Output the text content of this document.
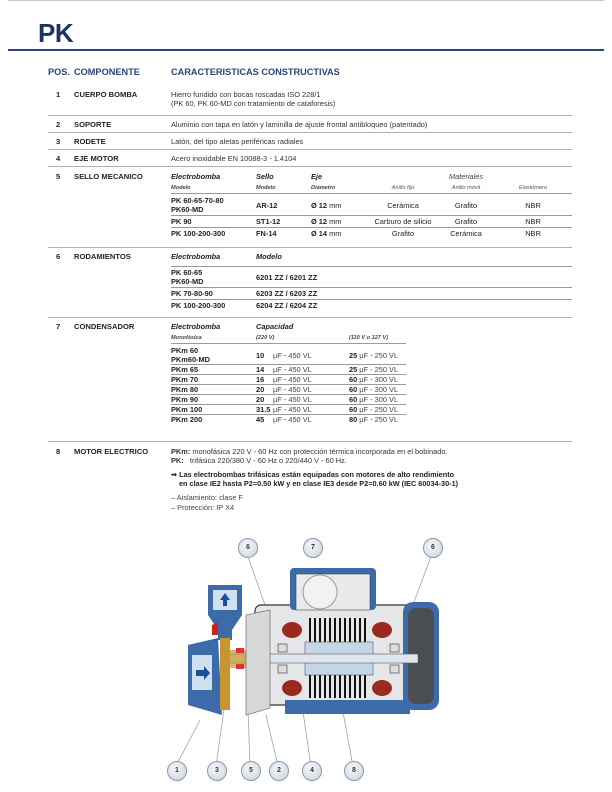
PK
POS. COMPONENTE	CARACTERISTICAS CONSTRUCTIVAS
1 CUERPO BOMBA	Hierro fundido con bocas roscadas ISO 228/1
(PK 60, PK 60-MD con tratamiento de cataforesis)
2 SOPORTE	Aluminio con tapa en latón y laminilla de ajuste frontal antibloqueo (patentado)
3 RODETE	Latón, del tipo aletas periféricas radiales
4 EJE MOTOR	Acero inoxidable EN 10088-3 - 1.4104
5 SELLO MECANICO	Electrobomba	Sello	Eje	Materiales
Modelo	Modelo	Diámetro	Anillo fijo	Anillo móvil	Elastómero
PK 60-65-70-80
PK60-MD	AR-12	Ø 12 mm	Cerámica	Grafito	NBR
PK 90	ST1-12	Ø 12 mm	Carburo de silicio	Grafito	NBR
PK 100-200-300	FN-14	Ø 14 mm	Grafito	Cerámica	NBR
6 RODAMIENTOS	Electrobomba	Modelo
PK 60-65
PK60-MD	6201 ZZ / 6201 ZZ
PK 70-80-90	6203 ZZ / 6203 ZZ
PK 100-200-300	6204 ZZ / 6204 ZZ
7 CONDENSADOR	Electrobomba	Capacidad
Monofásica	(220 V)	(110 V o 127 V)
PKm 60
PKm60-MD	10 µF - 450 VL	25 µF - 250 VL
PKm 65	14 µF - 450 VL	25 µF - 250 VL
PKm 70	16 µF - 450 VL	60 µF - 300 VL
PKm 80	20 µF - 450 VL	60 µF - 300 VL
PKm 90	20 µF - 450 VL	60 µF - 300 VL
PKm 100	31.5 µF - 450 VL	60 µF - 250 VL
PKm 200	45 µF - 450 VL	80 µF - 250 VL
8 MOTOR ELECTRICO	PKm: monofásica 220 V - 60 Hz con protección térmica incorporada en el bobinado.
PK: trifásica 220/380 V - 60 Hz o 220/440 V - 60 Hz.
➡ Las electrobombas trifásicas están equipadas con motores de alto rendimiento
en clase IE2 hasta P2=0.50 kW y en clase IE3 desde P2=0.60 kW (IEC 60034-30-1)
– Aislamiento: clase F
– Protección: IP X4
6	7	6
1	3	5	2	4	8
